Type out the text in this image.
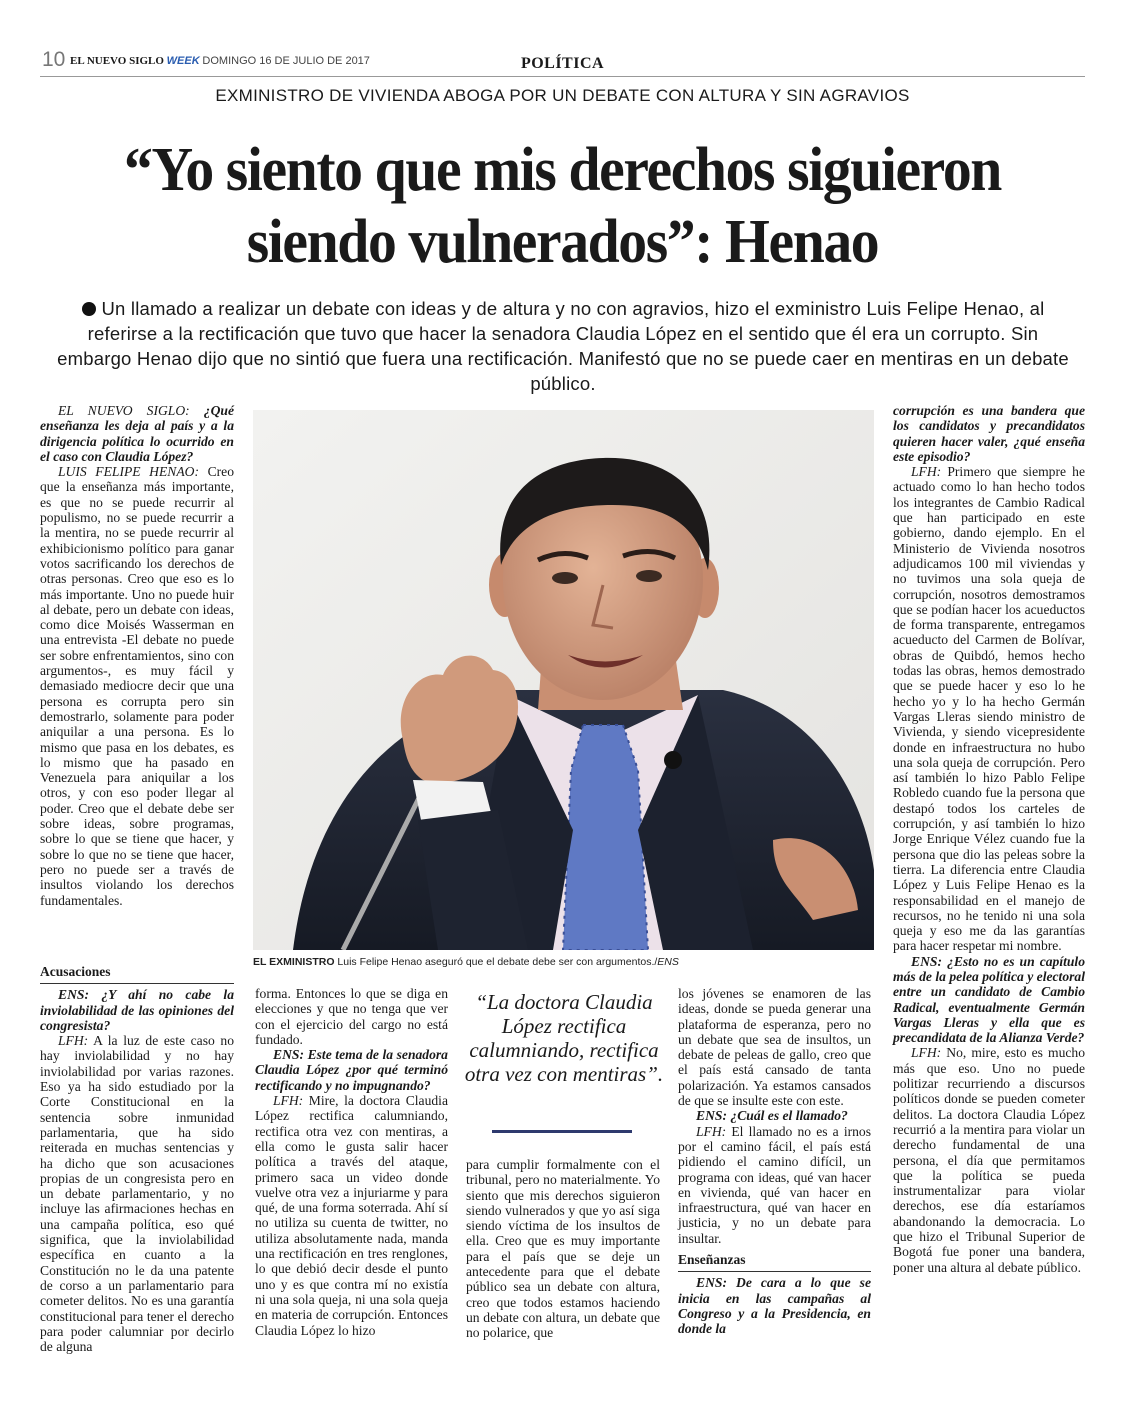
10 EL NUEVO SIGLO WEEK DOMINGO 16 DE JULIO DE 2017	POLÍTICA
EXMINISTRO DE VIVIENDA ABOGA POR UN DEBATE CON ALTURA Y SIN AGRAVIOS
“Yo siento que mis derechos siguieron
siendo vulnerados”: Henao
Un llamado a realizar un debate con ideas y de altura y no con agravios, hizo el exministro Luis Felipe Henao, al referirse a la rectificación que tuvo que hacer la senadora Claudia López en el sentido que él era un corrupto. Sin embargo Henao dijo que no sintió que fuera una rectificación. Manifestó que no se puede caer en mentiras en un debate público.

EL NUEVO SIGLO: ¿Qué enseñanza les deja al país y a la dirigencia política lo ocurrido en el caso con Claudia López?

LUIS FELIPE HENAO: Creo que la enseñanza más importante, es que no se puede recurrir al populismo, no se puede recurrir a la mentira, no se puede recurrir al exhibicionismo político para ganar votos sacrificando los derechos de otras personas. Creo que eso es lo más importante. Uno no puede huir al debate, pero un debate con ideas, como dice Moisés Wasserman en una entrevista -El debate no puede ser sobre enfrentamientos, sino con argumentos-, es muy fácil y demasiado mediocre decir que una persona es corrupta pero sin demostrarlo, solamente para poder aniquilar a una persona. Es lo mismo que pasa en los debates, es lo mismo que ha pasado en Venezuela para aniquilar a los otros, y con eso poder llegar al poder. Creo que el debate debe ser sobre ideas, sobre programas, sobre lo que se tiene que hacer, y sobre lo que no se tiene que hacer, pero no puede ser a través de insultos violando los derechos fundamentales.

Acusaciones

ENS: ¿Y ahí no cabe la inviolabilidad de las opiniones del congresista?

LFH: A la luz de este caso no hay inviolabilidad y no hay inviolabilidad por varias razones. Eso ya ha sido estudiado por la Corte Constitucional en la sentencia sobre inmunidad parlamentaria, que ha sido reiterada en muchas sentencias y ha dicho que son acusaciones propias de un congresista pero en un debate parlamentario, y no incluye las afirmaciones hechas en una campaña política, eso qué significa, que la inviolabilidad específica en cuanto a la Constitución no le da una patente de corso a un parlamentario para cometer delitos. No es una garantía constitucional para tener el derecho para poder calumniar por decirlo de alguna

EL EXMINISTRO Luis Felipe Henao aseguró que el debate debe ser con argumentos./ENS

forma. Entonces lo que se diga en elecciones y que no tenga que ver con el ejercicio del cargo no está fundado.

ENS: Este tema de la senadora Claudia López ¿por qué terminó rectificando y no impugnando?

LFH: Mire, la doctora Claudia López rectifica calumniando, rectifica otra vez con mentiras, a ella como le gusta salir hacer política a través del ataque, primero saca un video donde vuelve otra vez a injuriarme y para qué, de una forma soterrada. Ahí sí no utiliza su cuenta de twitter, no utiliza absolutamente nada, manda una rectificación en tres renglones, lo que debió decir desde el punto uno y es que contra mí no existía ni una sola queja, ni una sola queja en materia de corrupción. Entonces Claudia López lo hizo

“La doctora Claudia López rectifica calumniando, rectifica otra vez con mentiras”.

para cumplir formalmente con el tribunal, pero no materialmente. Yo siento que mis derechos siguieron siendo vulnerados y que yo así siga siendo víctima de los insultos de ella. Creo que es muy importante para el país que se deje un antecedente para que el debate público sea un debate con altura, creo que todos estamos haciendo un debate con altura, un debate que no polarice, que

los jóvenes se enamoren de las ideas, donde se pueda generar una plataforma de esperanza, pero no un debate que sea de insultos, un debate de peleas de gallo, creo que el país está cansado de tanta polarización. Ya estamos cansados de que se insulte este con este.

ENS: ¿Cuál es el llamado?

LFH: El llamado no es a irnos por el camino fácil, el país está pidiendo el camino difícil, un programa con ideas, qué van hacer en vivienda, qué van hacer en infraestructura, qué van hacer en justicia, y no un debate para insultar.

Enseñanzas

ENS: De cara a lo que se inicia en las campañas al Congreso y a la Presidencia, en donde la

corrupción es una bandera que los candidatos y precandidatos quieren hacer valer, ¿qué enseña este episodio?

LFH: Primero que siempre he actuado como lo han hecho todos los integrantes de Cambio Radical que han participado en este gobierno, dando ejemplo. En el Ministerio de Vivienda nosotros adjudicamos 100 mil viviendas y no tuvimos una sola queja de corrupción, nosotros demostramos que se podían hacer los acueductos de forma transparente, entregamos acueducto del Carmen de Bolívar, obras de Quibdó, hemos hecho todas las obras, hemos demostrado que se puede hacer y eso lo he hecho yo y lo ha hecho Germán Vargas Lleras siendo ministro de Vivienda, y siendo vicepresidente donde en infraestructura no hubo una sola queja de corrupción. Pero así también lo hizo Pablo Felipe Robledo cuando fue la persona que destapó todos los carteles de corrupción, y así también lo hizo Jorge Enrique Vélez cuando fue la persona que dio las peleas sobre la tierra. La diferencia entre Claudia López y Luis Felipe Henao es la responsabilidad en el manejo de recursos, no he tenido ni una sola queja y eso me da las garantías para hacer respetar mi nombre.

ENS: ¿Esto no es un capítulo más de la pelea política y electoral entre un candidato de Cambio Radical, eventualmente Germán Vargas Lleras y ella que es precandidata de la Alianza Verde?

LFH: No, mire, esto es mucho más que eso. Uno no puede politizar recurriendo a discursos políticos donde se pueden cometer delitos. La doctora Claudia López recurrió a la mentira para violar un derecho fundamental de una persona, el día que permitamos que la política se pueda instrumentalizar para violar derechos, ese día estaríamos abandonando la democracia. Lo que hizo el Tribunal Superior de Bogotá fue poner una bandera, poner una altura al debate público.
